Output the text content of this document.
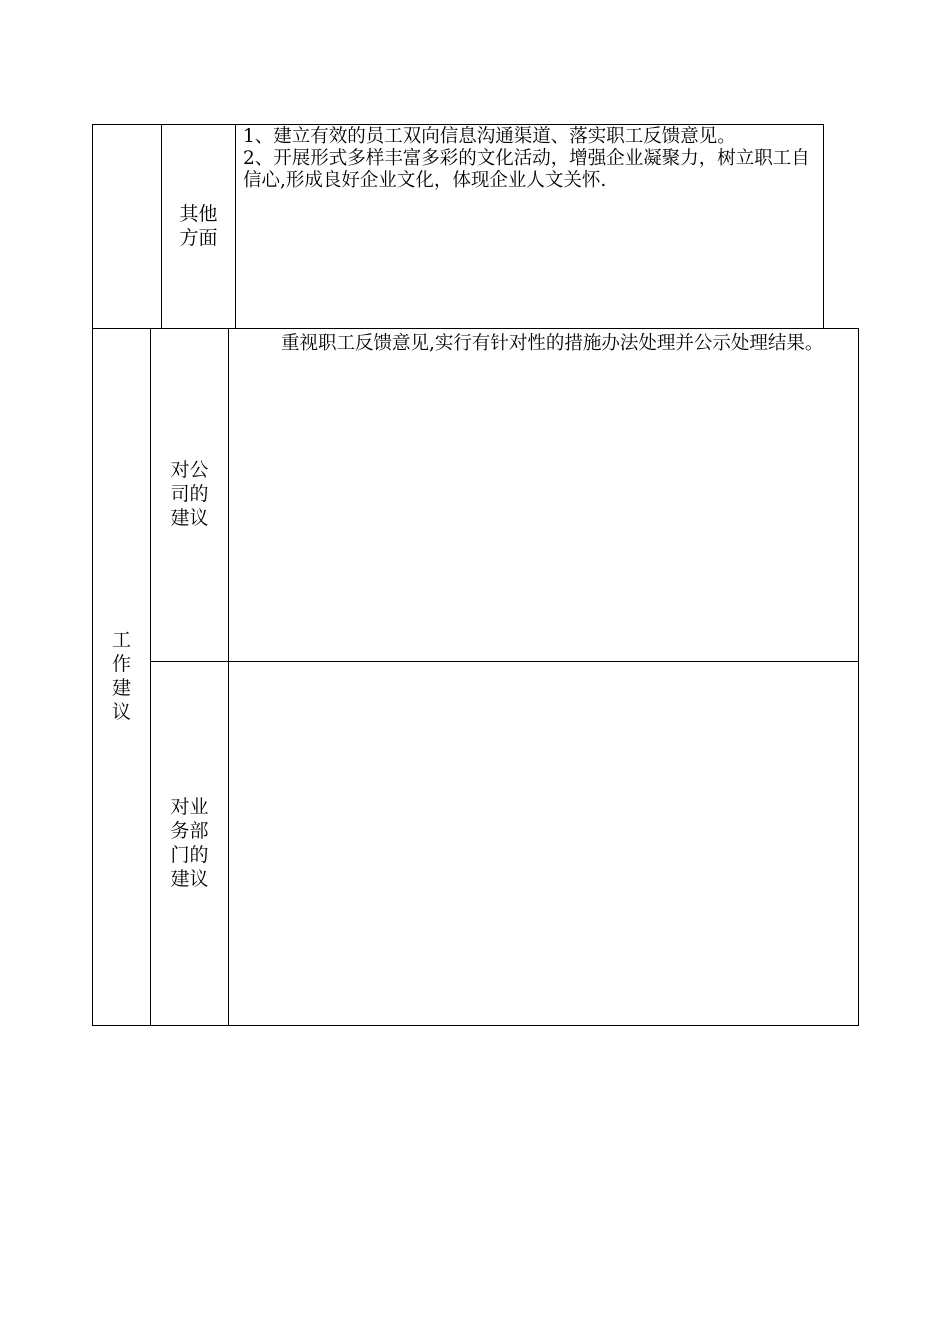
其他
方面

1、建立有效的员工双向信息沟通渠道、落实职工反馈意见。

2、开展形式多样丰富多彩的文化活动，增强企业凝聚力，树立职工自信心,形成良好企业文化，体现企业人文关怀.

工
作
建
议
对公
司的
建议
重视职工反馈意见,实行有针对性的措施办法处理并公示处理结果。
对业
务部
门的
建议
